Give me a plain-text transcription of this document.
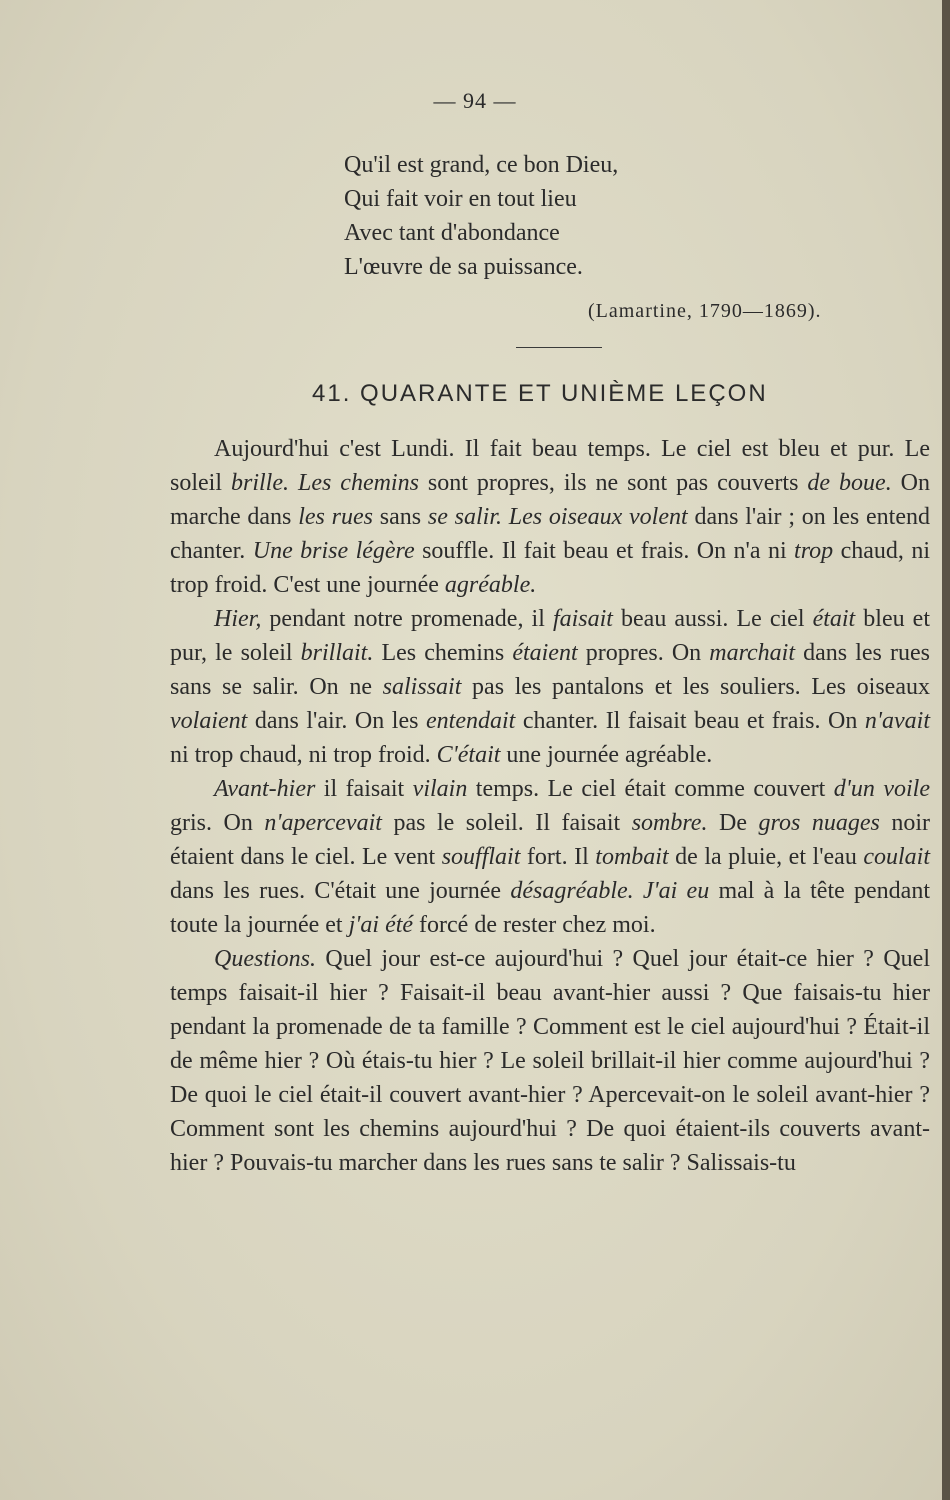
— 94 —
Qu'il est grand, ce bon Dieu,
Qui fait voir en tout lieu
Avec tant d'abondance
L'œuvre de sa puissance.
(Lamartine, 1790—1869).
41. QUARANTE ET UNIÈME LEÇON

Aujourd'hui c'est Lundi. Il fait beau temps. Le ciel est bleu et pur. Le soleil brille. Les chemins sont propres, ils ne sont pas couverts de boue. On marche dans les rues sans se salir. Les oiseaux volent dans l'air ; on les entend chanter. Une brise légère souffle. Il fait beau et frais. On n'a ni trop chaud, ni trop froid. C'est une journée agréable.

Hier, pendant notre promenade, il faisait beau aussi. Le ciel était bleu et pur, le soleil brillait. Les chemins étaient propres. On marchait dans les rues sans se salir. On ne salissait pas les pantalons et les souliers. Les oiseaux volaient dans l'air. On les entendait chanter. Il faisait beau et frais. On n'avait ni trop chaud, ni trop froid. C'était une journée agréable.

Avant-hier il faisait vilain temps. Le ciel était comme couvert d'un voile gris. On n'apercevait pas le soleil. Il faisait sombre. De gros nuages noir étaient dans le ciel. Le vent soufflait fort. Il tombait de la pluie, et l'eau coulait dans les rues. C'était une journée désagréable. J'ai eu mal à la tête pendant toute la journée et j'ai été forcé de rester chez moi.

Questions. Quel jour est-ce aujourd'hui ? Quel jour était-ce hier ? Quel temps faisait-il hier ? Faisait-il beau avant-hier aussi ? Que faisais-tu hier pendant la promenade de ta famille ? Comment est le ciel aujourd'hui ? Était-il de même hier ? Où étais-tu hier ? Le soleil brillait-il hier comme aujourd'hui ? De quoi le ciel était-il couvert avant-hier ? Apercevait-on le soleil avant-hier ? Comment sont les chemins aujourd'hui ? De quoi étaient-ils couverts avant-hier ? Pouvais-tu marcher dans les rues sans te salir ? Salissais-tu
